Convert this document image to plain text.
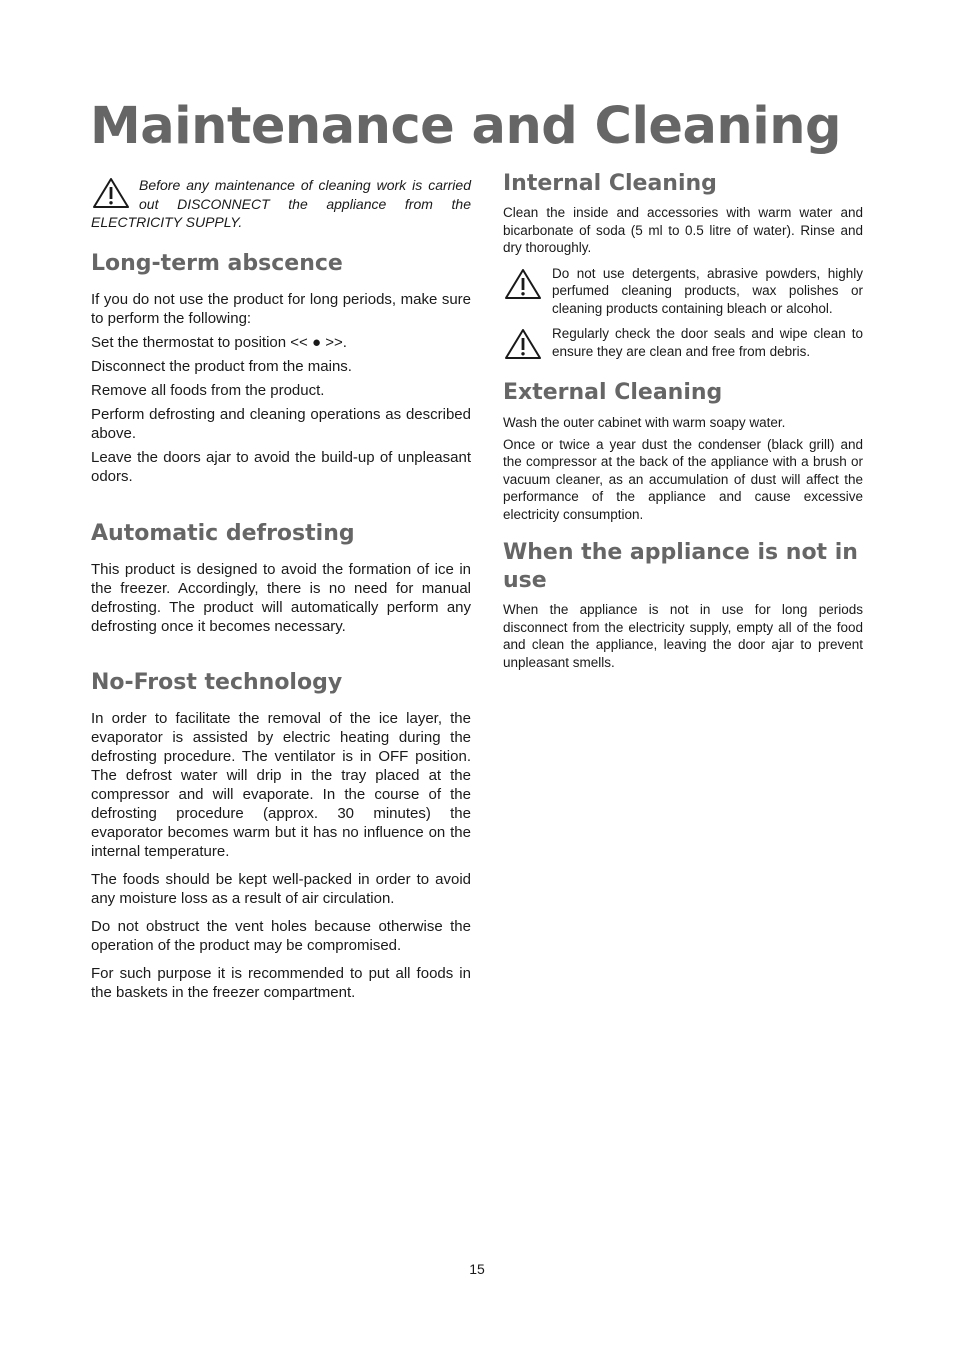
Maintenance and Cleaning

Before any maintenance of cleaning work is carried out DISCONNECT the appliance from the ELECTRICITY SUPPLY.

Long-term abscence

If you do not use the product for long periods, make sure to perform the following:

Set the thermostat to position << ● >>.

Disconnect the product from the mains.

Remove all foods from the product.

Perform defrosting and cleaning operations as described above.

Leave the doors ajar to avoid the build-up of unpleasant odors.

Automatic defrosting

This product is designed to avoid the formation of ice in the freezer. Accordingly, there is no need for manual defrosting. The product will automatically perform any defrosting once it becomes necessary.

No-Frost technology

In order to facilitate the removal of the ice layer, the evaporator is assisted by electric heating during the defrosting procedure. The ventilator is in OFF position. The defrost water will drip in the tray placed at the compressor and will evaporate. In the course of the defrosting procedure (approx. 30 minutes) the evaporator becomes warm but it has no influence on the internal temperature.

The foods should be kept well-packed in order to avoid any moisture loss as a result of air circulation.

Do not obstruct the vent holes because otherwise the operation of the product may be compromised.

For such purpose it is recommended to put all foods in the baskets in the freezer compartment.

Internal Cleaning

Clean the inside and accessories with warm water and bicarbonate of soda (5 ml to 0.5 litre of water). Rinse and dry thoroughly.

Do not use detergents, abrasive powders, highly perfumed cleaning products, wax polishes or cleaning products containing bleach or alcohol.

Regularly check the door seals and wipe clean to ensure they are clean and free from debris.

External Cleaning

Wash the outer cabinet with warm soapy water.

Once or twice a year dust the condenser (black grill) and the compressor at the back of the appliance with a brush or vacuum cleaner, as an accumulation of dust will affect the performance of the appliance and cause excessive electricity consumption.

When the appliance is not in use

When the appliance is not in use for long periods disconnect from the electricity supply, empty all of the food and clean the appliance, leaving the door ajar to prevent unpleasant smells.

15
